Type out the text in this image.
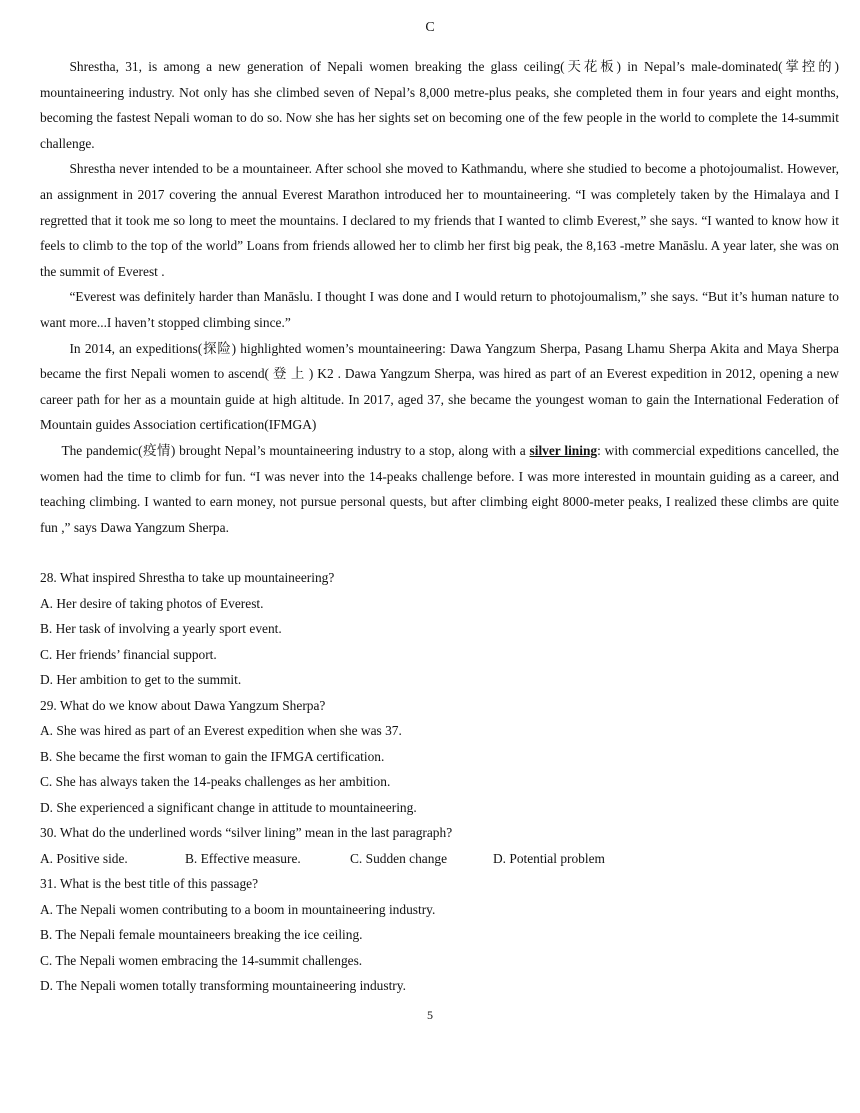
C

Shrestha, 31, is among a new generation of Nepali women breaking the glass ceiling(天花板) in Nepal’s male-dominated(掌控的) mountaineering industry. Not only has she climbed seven of Nepal’s 8,000 metre-plus peaks, she completed them in four years and eight months, becoming the fastest Nepali woman to do so. Now she has her sights set on becoming one of the few people in the world to complete the 14-summit challenge.

Shrestha never intended to be a mountaineer. After school she moved to Kathmandu, where she studied to become a photojoumalist. However, an assignment in 2017 covering the annual Everest Marathon introduced her to mountaineering. “I was completely taken by the Himalaya and I regretted that it took me so long to meet the mountains. I declared to my friends that I wanted to climb Everest,” she says. “I wanted to know how it feels to climb to the top of the world” Loans from friends allowed her to climb her first big peak, the 8,163 -metre Manāslu. A year later, she was on the summit of Everest .

“Everest was definitely harder than Manāslu. I thought I was done and I would return to photojoumalism,” she says. “But it’s human nature to want more...I haven’t stopped climbing since.”

In 2014, an expeditions(探险) highlighted women’s mountaineering: Dawa Yangzum Sherpa, Pasang Lhamu Sherpa Akita and Maya Sherpa became the first Nepali women to ascend( 登 上 ) K2 . Dawa Yangzum Sherpa, was hired as part of an Everest expedition in 2012, opening a new career path for her as a mountain guide at high altitude. In 2017, aged 37, she became the youngest woman to gain the International Federation of Mountain guides Association certification(IFMGA)

The pandemic(疫情) brought Nepal’s mountaineering industry to a stop, along with a silver lining: with commercial expeditions cancelled, the women had the time to climb for fun. “I was never into the 14-peaks challenge before. I was more interested in mountain guiding as a career, and teaching climbing. I wanted to earn money, not pursue personal quests, but after climbing eight 8000-meter peaks, I realized these climbs are quite fun ,” says Dawa Yangzum Sherpa.

28. What inspired Shrestha to take up mountaineering?
A. Her desire of taking photos of Everest.
B. Her task of involving a yearly sport event.
C. Her friends’ financial support.
D. Her ambition to get to the summit.
29. What do we know about Dawa Yangzum Sherpa?
A. She was hired as part of an Everest expedition when she was 37.
B. She became the first woman to gain the IFMGA certification.
C. She has always taken the 14-peaks challenges as her ambition.
D. She experienced a significant change in attitude to mountaineering.
30. What do the underlined words “silver lining” mean in the last paragraph?
A. Positive side.	B. Effective measure.	C. Sudden change	D. Potential problem
31. What is the best title of this passage?
A. The Nepali women contributing to a boom in mountaineering industry.
B. The Nepali female mountaineers breaking the ice ceiling.
C. The Nepali women embracing the 14-summit challenges.
D. The Nepali women totally transforming mountaineering industry.
5
